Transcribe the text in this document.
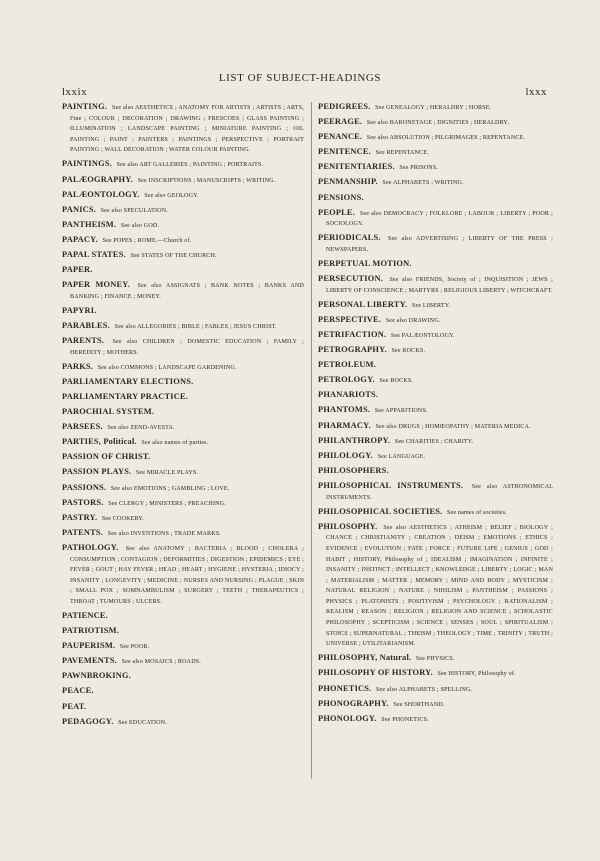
LIST OF SUBJECT-HEADINGS
lxxix	lxxx
PAINTING.  See also AESTHETICS ; ANATOMY FOR ARTISTS ; ARTISTS ; ARTS, Fine ; COLOUR ; DECORATION ; DRAWING ; FRESCOES ; GLASS PAINTING ; ILLUMINATION ; LANDSCAPE PAINTING ; MINIATURE PAINTING ; OIL PAINTING ; PAINT ; PAINTERS ; PAINTINGS ; PERSPECTIVE ; PORTRAIT PAINTING ; WALL DECORATION ; WATER COLOUR PAINTING.
PAINTINGS.  See also ART GALLERIES ; PAINTING ; PORTRAITS.
PALÆOGRAPHY.  See INSCRIPTIONS ; MANUSCRIPTS ; WRITING.
PALÆONTOLOGY.  See also GEOLOGY.
PANICS.  See also SPECULATION.
PANTHEISM.  See also GOD.
PAPACY.  See POPES ; ROME.—Church of.
PAPAL STATES.  See STATES OF THE CHURCH.
PAPER. 
PAPER MONEY.  See also ASSIGNATS ; BANK NOTES ; BANKS AND BANKING ; FINANCE ; MONEY.
PAPYRI. 
PARABLES.  See also ALLEGORIES ; BIBLE ; FABLES ; JESUS CHRIST.
PARENTS.  See also CHILDREN ; DOMESTIC EDUCATION ; FAMILY ; HEREDITY ; MOTHERS.
PARKS.  See also COMMONS ; LANDSCAPE GARDENING.
PARLIAMENTARY ELECTIONS. 
PARLIAMENTARY PRACTICE. 
PAROCHIAL SYSTEM. 
PARSEES.  See also ZEND-AVESTA.
PARTIES, Political.  See also names of parties.
PASSION OF CHRIST. 
PASSION PLAYS.  See MIRACLE PLAYS.
PASSIONS.  See also EMOTIONS ; GAMBLING ; LOVE.
PASTORS.  See CLERGY ; MINISTERS ; PREACHING.
PASTRY.  See COOKERY.
PATENTS.  See also INVENTIONS ; TRADE MARKS.
PATHOLOGY.  See also ANATOMY ; BACTERIA ; BLOOD ; CHOLERA ; CONSUMPTION ; CONTAGION ; DEFORMITIES ; DIGESTION ; EPIDEMICS ; EYE ; FEVER ; GOUT ; HAY FEVER ; HEAD ; HEART ; HYGIENE ; HYSTERIA ; IDIOCY ; INSANITY ; LONGEVITY ; MEDICINE ; NURSES AND NURSING ; PLAGUE ; SKIN ; SMALL POX ; SOMNAMBULISM ; SURGERY ; TEETH ; THERAPEUTICS ; THROAT ; TUMOURS ; ULCERS.
PATIENCE. 
PATRIOTISM. 
PAUPERISM.  See POOR.
PAVEMENTS.  See also MOSAICS ; ROADS.
PAWNBROKING. 
PEACE. 
PEAT. 
PEDAGOGY.  See EDUCATION.
PEDIGREES.  See GENEALOGY ; HERALDRY ; HORSE.
PEERAGE.  See also BARONETAGE ; DIGNITIES ; HERALDRY.
PENANCE.  See also ABSOLUTION ; PILGRIMAGES ; REPENTANCE.
PENITENCE.  See REPENTANCE.
PENITENTIARIES.  See PRISONS.
PENMANSHIP.  See ALPHABETS ; WRITING.
PENSIONS. 
PEOPLE.  See also DEMOCRACY ; FOLKLORE ; LABOUR ; LIBERTY ; POOR ; SOCIOLOGY.
PERIODICALS.  See also ADVERTISING ; LIBERTY OF THE PRESS ; NEWSPAPERS.
PERPETUAL MOTION. 
PERSECUTION.  See also FRIENDS, Society of ; INQUISITION ; JEWS ; LIBERTY OF CONSCIENCE ; MARTYRS ; RELIGIOUS LIBERTY ; WITCHCRAFT.
PERSONAL LIBERTY.  See LIBERTY.
PERSPECTIVE.  See also DRAWING.
PETRIFACTION.  See PALÆONTOLOGY.
PETROGRAPHY.  See ROCKS.
PETROLEUM. 
PETROLOGY.  See ROCKS.
PHANARIOTS. 
PHANTOMS.  See APPARITIONS.
PHARMACY.  See also DRUGS ; HOMŒOPATHY ; MATERIA MEDICA.
PHILANTHROPY.  See CHARITIES ; CHARITY.
PHILOLOGY.  See LANGUAGE.
PHILOSOPHERS. 
PHILOSOPHICAL INSTRUMENTS.  See also ASTRONOMICAL INSTRUMENTS.
PHILOSOPHICAL SOCIETIES.  See names of societies.
PHILOSOPHY.  See also AESTHETICS ; ATHEISM ; BELIEF ; BIOLOGY ; CHANCE ; CHRISTIANITY ; CREATION ; DEISM ; EMOTIONS ; ETHICS ; EVIDENCE ; EVOLUTION ; FATE ; FORCE ; FUTURE LIFE ; GENIUS ; GOD ; HABIT ; HISTORY, Philosophy of ; IDEALISM ; IMAGINATION ; INFINITE ; INSANITY ; INSTINCT ; INTELLECT ; KNOWLEDGE ; LIBERTY ; LOGIC ; MAN ; MATERIALISM ; MATTER ; MEMORY ; MIND AND BODY ; MYSTICISM ; NATURAL RELIGION ; NATURE ; NIHILISM ; PANTHEISM ; PASSIONS ; PHYSICS ; PLATONISTS ; POSITIVISM ; PSYCHOLOGY ; RATIONALISM ; REALISM ; REASON ; RELIGION ; RELIGION AND SCIENCE ; SCHOLASTIC PHILOSOPHY ; SCEPTICISM ; SCIENCE ; SENSES ; SOUL ; SPIRITUALISM ; STOICS ; SUPERNATURAL ; THEISM ; THEOLOGY ; TIME ; TRINITY ; TRUTH ; UNIVERSE ; UTILITARIANISM.
PHILOSOPHY, Natural.  See PHYSICS.
PHILOSOPHY OF HISTORY.  See HISTORY, Philosophy of.
PHONETICS.  See also ALPHABETS ; SPELLING.
PHONOGRAPHY.  See SHORTHAND.
PHONOLOGY.  See PHONETICS.
